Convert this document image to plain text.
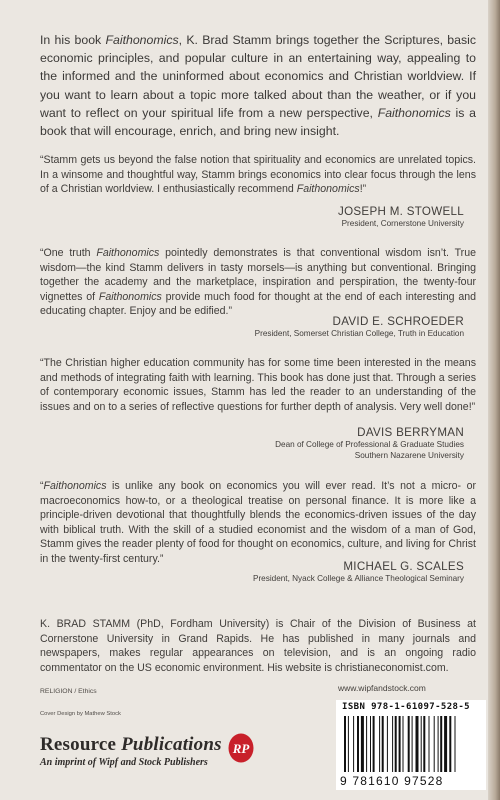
In his book Faithonomics, K. Brad Stamm brings together the Scriptures, basic economic principles, and popular culture in an entertaining way, appealing to the informed and the uninformed about economics and Christian worldview. If you want to learn about a topic more talked about than the weather, or if you want to reflect on your spiritual life from a new perspective, Faithonomics is a book that will encourage, enrich, and bring new insight.

“Stamm gets us beyond the false notion that spirituality and economics are unrelated topics. In a winsome and thoughtful way, Stamm brings economics into clear focus through the lens of a Christian worldview. I enthusiastically recommend Faithonomics!”

JOSEPH M. STOWELL
President, Cornerstone University

“One truth Faithonomics pointedly demonstrates is that conventional wisdom isn’t. True wisdom—the kind Stamm delivers in tasty morsels—is anything but conventional. Bringing together the academy and the marketplace, inspiration and perspiration, the twenty-four vignettes of Faithonomics provide much food for thought at the end of each interesting and educating chapter. Enjoy and be edified.”

DAVID E. SCHROEDER
President, Somerset Christian College, Truth in Education

“The Christian higher education community has for some time been interested in the means and methods of integrating faith with learning. This book has done just that. Through a series of contemporary economic issues, Stamm has led the reader to an understanding of the issues and on to a series of reflective questions for further depth of analysis. Very well done!”

DAVIS BERRYMAN
Dean of College of Professional & Graduate Studies
Southern Nazarene University

“Faithonomics is unlike any book on economics you will ever read. It’s not a micro- or macroeconomics how-to, or a theological treatise on personal finance. It is more like a principle-driven devotional that thoughtfully blends the economics-driven issues of the day with biblical truth. With the skill of a studied economist and the wisdom of a man of God, Stamm gives the reader plenty of food for thought on economics, culture, and living for Christ in the twenty-first century.”

MICHAEL G. SCALES
President, Nyack College & Alliance Theological Seminary

K. BRAD STAMM (PhD, Fordham University) is Chair of the Division of Business at Cornerstone University in Grand Rapids. He has published in many journals and newspapers, makes regular appearances on television, and is an ongoing radio commentator on the US economic environment. His website is christianeconomist.com.

RELIGION / Ethics
Cover Design by Mathew Stock
www.wipfandstock.com
Resource Publications
An imprint of Wipf and Stock Publishers
RP
ISBN 978-1-61097-528-5
9 781610 97528
